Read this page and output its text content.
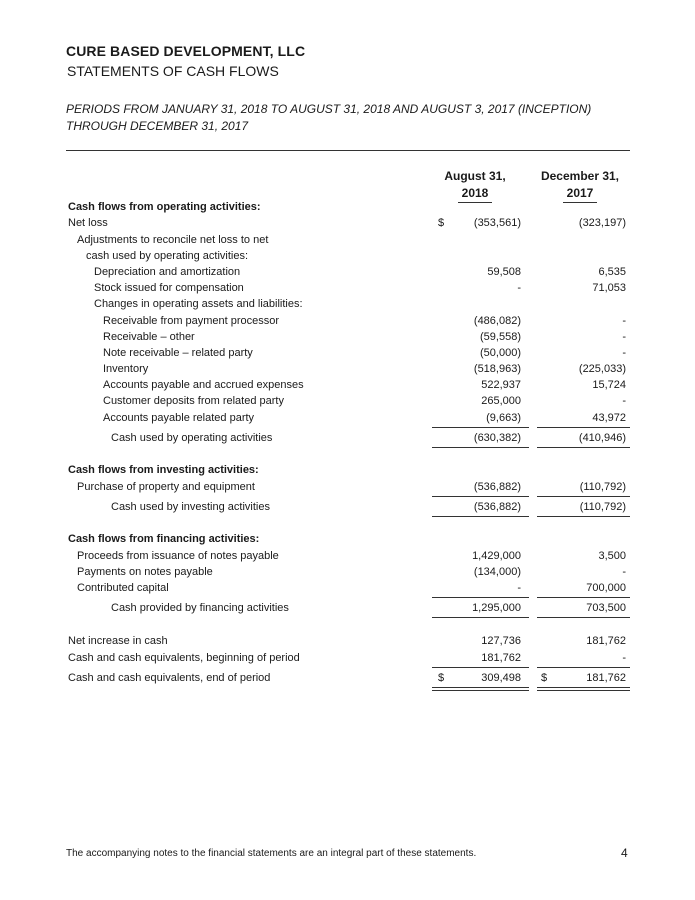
CURE BASED DEVELOPMENT, LLC
STATEMENTS OF CASH FLOWS
PERIODS FROM JANUARY 31, 2018 TO AUGUST 31, 2018 AND AUGUST 3, 2017 (INCEPTION)
THROUGH DECEMBER 31, 2017
August 31,
2018
December 31,
2017
Cash flows from operating activities:
Net loss	$	(353,561)	(323,197)
Adjustments to reconcile net loss to net
cash used by operating activities:
Depreciation and amortization	59,508	6,535
Stock issued for compensation	-	71,053
Changes in operating assets and liabilities:
Receivable from payment processor	(486,082)	-
Receivable – other	(59,558)	-
Note receivable – related party	(50,000)	-
Inventory	(518,963)	(225,033)
Accounts payable and accrued expenses	522,937	15,724
Customer deposits from related party	265,000	-
Accounts payable related party	(9,663)	43,972
Cash used by operating activities	(630,382)	(410,946)
Cash flows from investing activities:
Purchase of property and equipment	(536,882)	(110,792)
Cash used by investing activities	(536,882)	(110,792)
Cash flows from financing activities:
Proceeds from issuance of notes payable	1,429,000	3,500
Payments on notes payable	(134,000)	-
Contributed capital	-	700,000
Cash provided by financing activities	1,295,000	703,500
Net increase in cash	127,736	181,762
Cash and cash equivalents, beginning of period	181,762	-
Cash and cash equivalents, end of period	$	309,498 $	181,762
The accompanying notes to the financial statements are an integral part of these statements.	4
